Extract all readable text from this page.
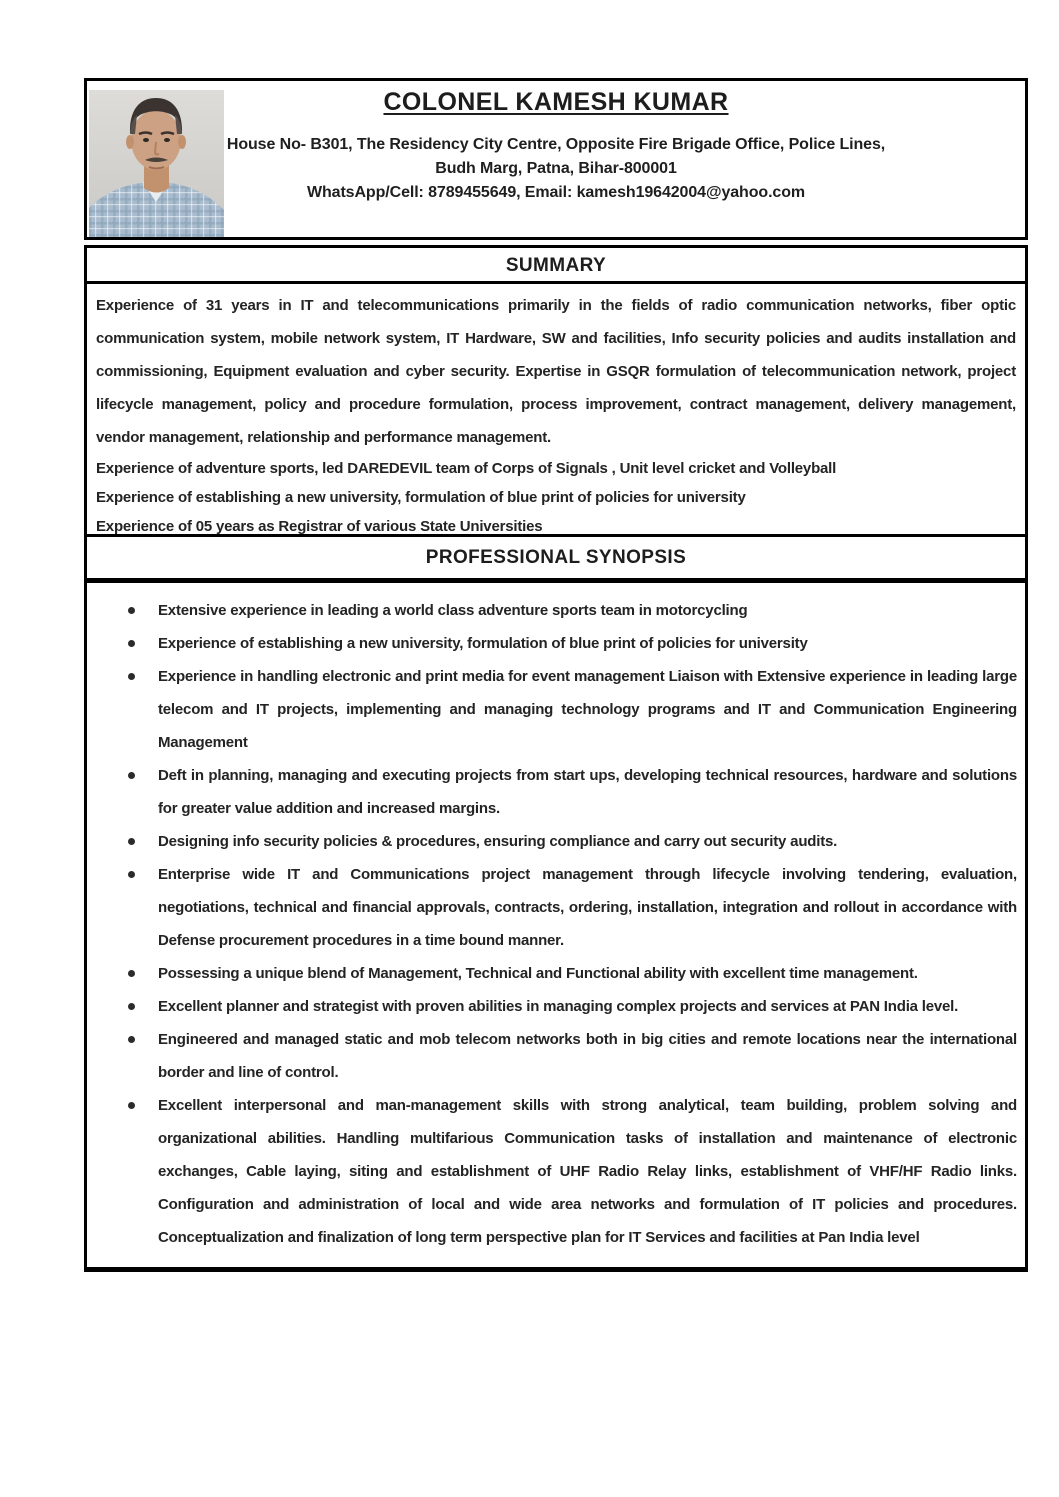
COLONEL KAMESH KUMAR
House No- B301, The Residency City Centre, Opposite Fire Brigade Office, Police Lines,
Budh Marg, Patna, Bihar-800001
WhatsApp/Cell: 8789455649, Email: kamesh19642004@yahoo.com
SUMMARY

Experience of 31 years in IT and telecommunications primarily in the fields of radio communication networks, fiber optic communication system, mobile network system, IT Hardware, SW and facilities, Info security policies and audits installation and commissioning, Equipment evaluation and cyber security. Expertise in GSQR formulation of telecommunication network, project lifecycle management, policy and procedure formulation, process improvement, contract management, delivery management, vendor management, relationship and performance management.

Experience of adventure sports, led DAREDEVIL team of Corps of Signals , Unit level cricket and Volleyball
Experience of establishing a new university, formulation of blue print of policies for university
Experience of 05 years as Registrar of various State Universities
PROFESSIONAL SYNOPSIS
Extensive experience in leading a world class adventure sports team in motorcycling
Experience of establishing a new university, formulation of blue print of policies for university
Experience in handling electronic and print media for event management Liaison with Extensive experience in leading large telecom and IT projects, implementing and managing technology programs and IT and Communication Engineering Management
Deft in planning, managing and executing projects from start ups, developing technical resources, hardware and solutions for greater value addition and increased margins.
Designing info security policies & procedures, ensuring compliance and carry out security audits.
Enterprise wide IT and Communications project management through lifecycle involving tendering, evaluation, negotiations, technical and financial approvals, contracts, ordering, installation, integration and rollout in accordance with Defense procurement procedures in a time bound manner.
Possessing a unique blend of Management, Technical and Functional ability with excellent time management.
Excellent planner and strategist with proven abilities in managing complex projects and services at PAN India level.
Engineered and managed static and mob telecom networks both in big cities and remote locations near the international border and line of control.
Excellent interpersonal and man-management skills with strong analytical, team building, problem solving and organizational abilities. Handling multifarious Communication tasks of installation and maintenance of electronic exchanges, Cable laying, siting and establishment of UHF Radio Relay links, establishment of VHF/HF Radio links. Configuration and administration of local and wide area networks and formulation of IT policies and procedures. Conceptualization and finalization of long term perspective plan for IT Services and facilities at Pan India level
